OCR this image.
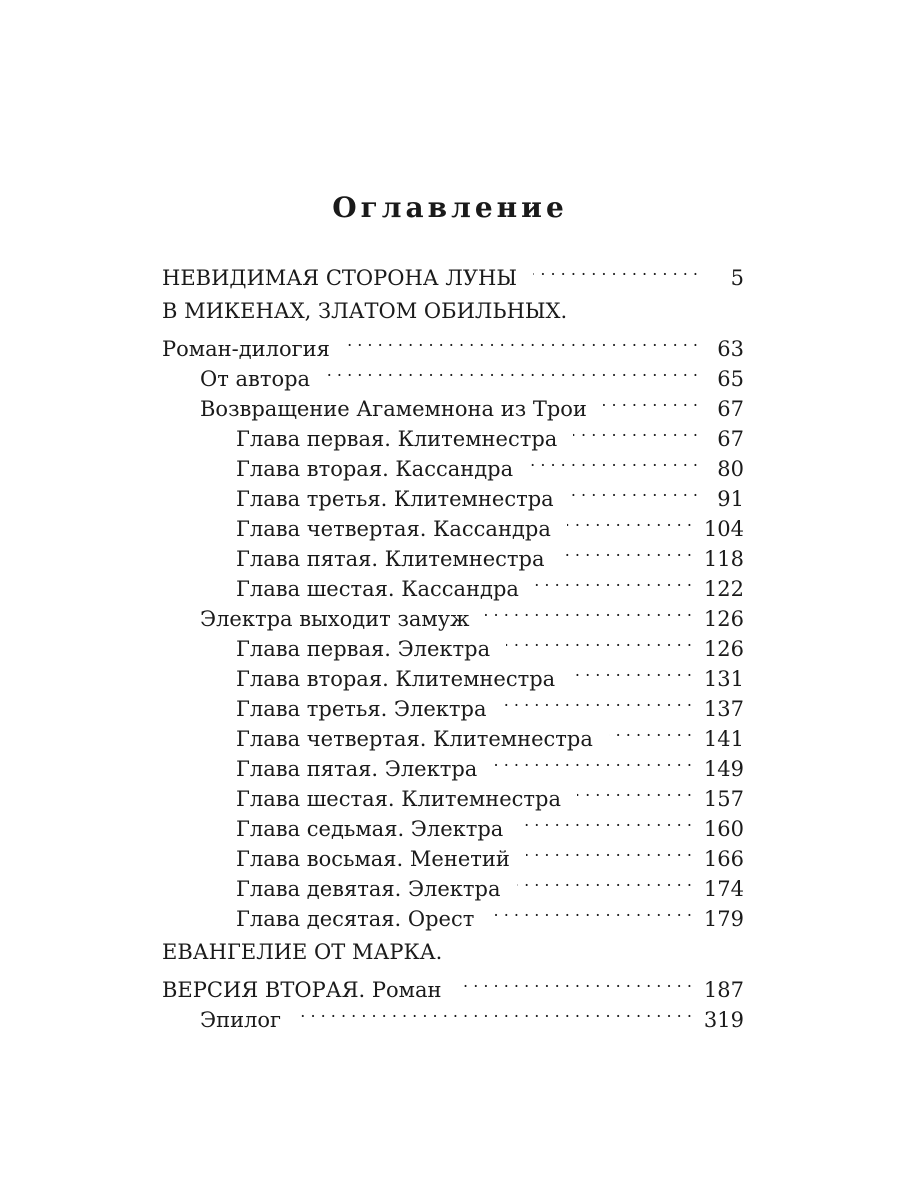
Оглавление
НЕВИДИМАЯ СТОРОНА ЛУНЫ . . .	5
В МИКЕНАХ, ЗЛАТОМ ОБИЛЬНЫХ.
Роман-дилогия . . .	63
От автора . . .	65
Возвращение Агамемнона из Трои . . .	67
Глава первая. Клитемнестра . . .	67
Глава вторая. Кассандра . . .	80
Глава третья. Клитемнестра . . .	91
Глава четвертая. Кассандра . . .	104
Глава пятая. Клитемнестра . . .	118
Глава шестая. Кассандра . . .	122
Электра выходит замуж . . .	126
Глава первая. Электра . . .	126
Глава вторая. Клитемнестра . . .	131
Глава третья. Электра . . .	137
Глава четвертая. Клитемнестра . . .	141
Глава пятая. Электра . . .	149
Глава шестая. Клитемнестра . . .	157
Глава седьмая. Электра . . .	160
Глава восьмая. Менетий . . .	166
Глава девятая. Электра . . .	174
Глава десятая. Орест . . .	179
ЕВАНГЕЛИЕ ОТ МАРКА.
ВЕРСИЯ ВТОРАЯ. Роман . . .	187
Эпилог . . .	319
